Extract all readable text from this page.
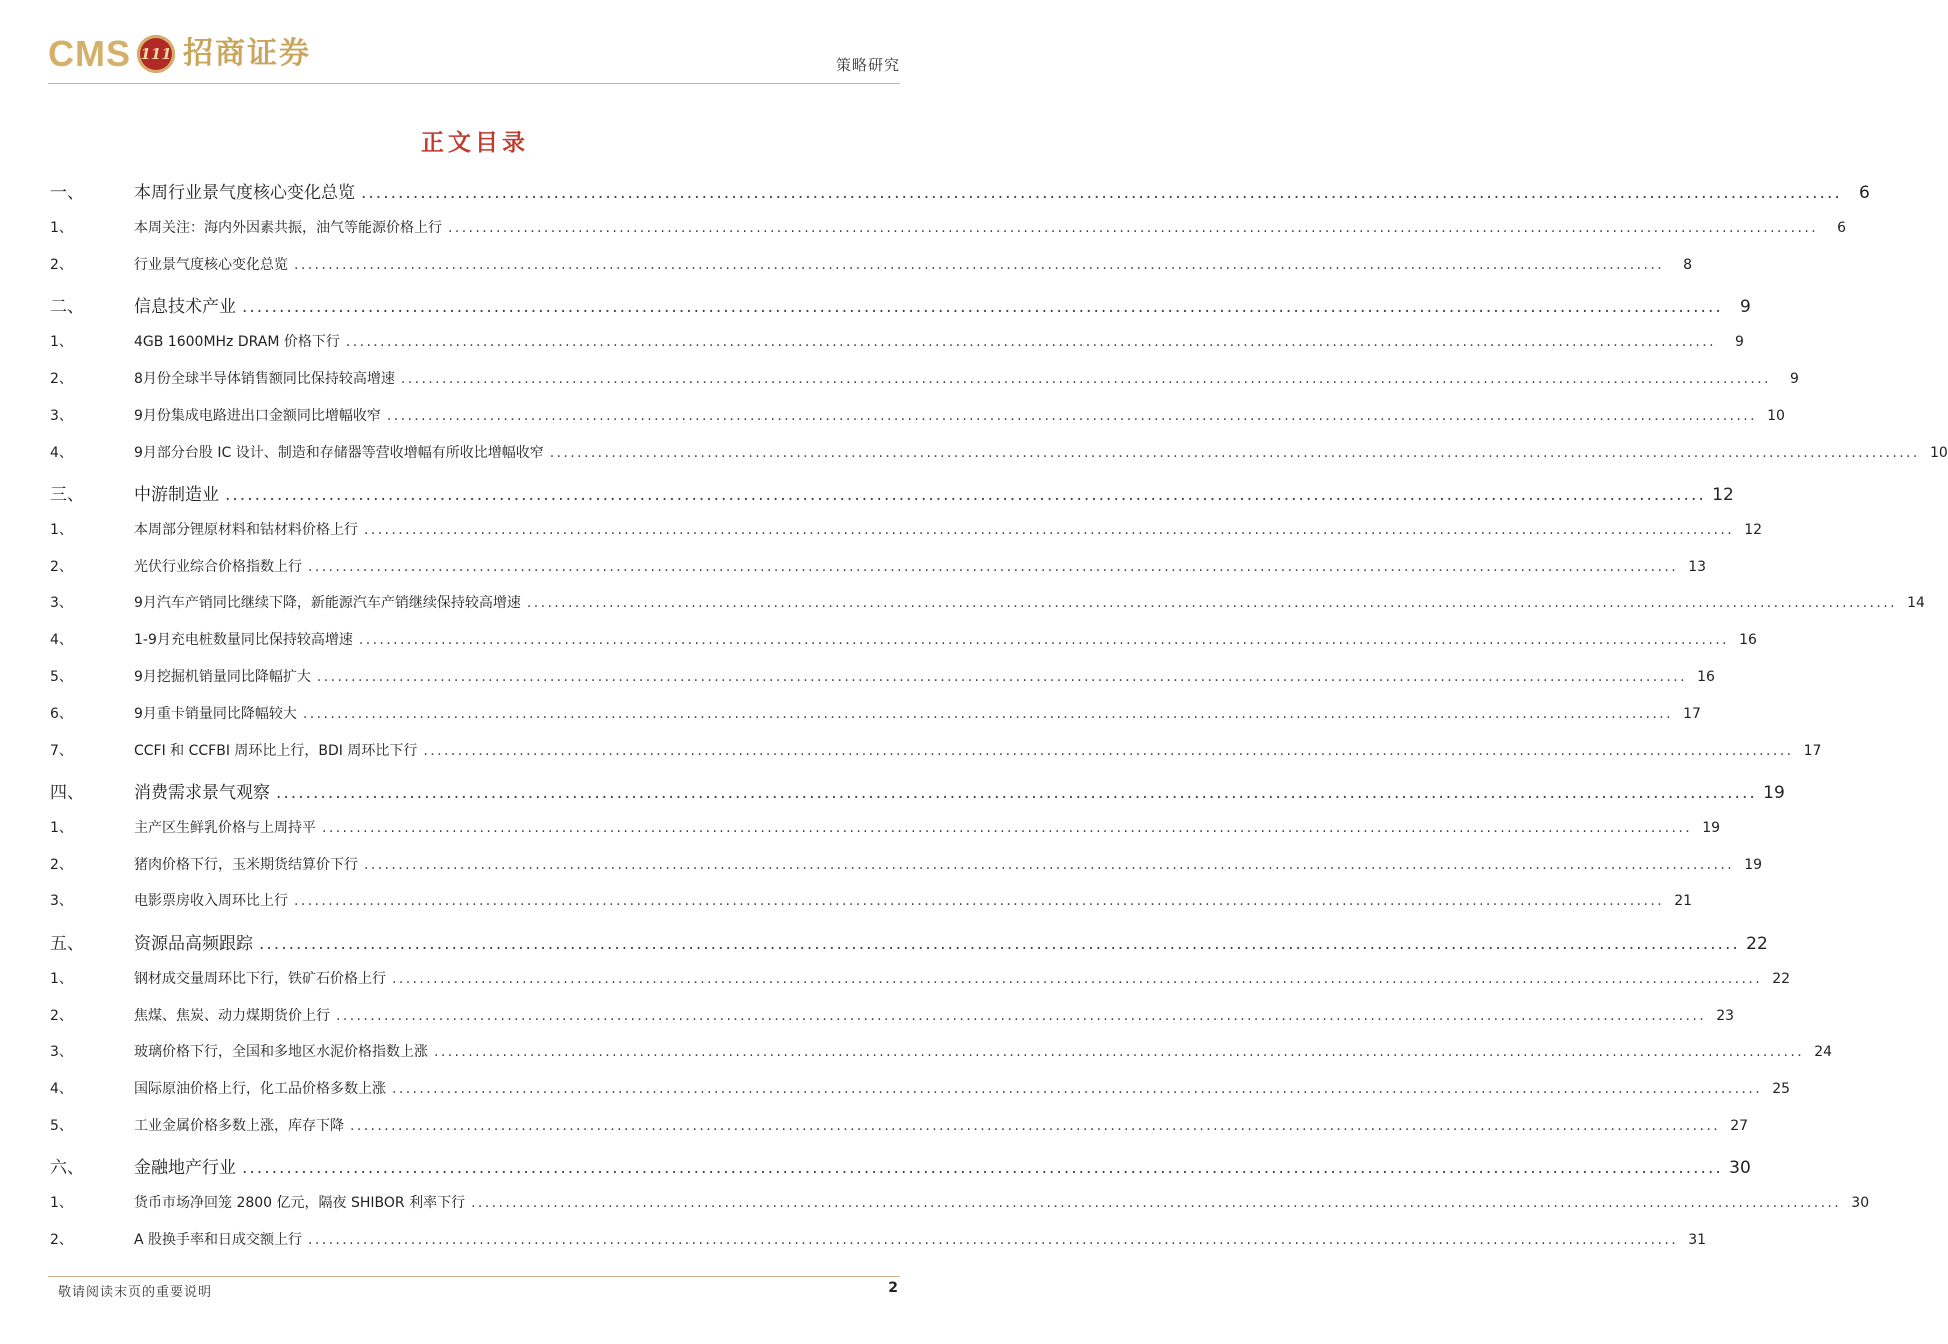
CMS 111 招商证券	策略研究
正文目录
一、	本周行业景气度核心变化总览 ........................................................................................................................................................................................................	6
1、	本周关注：海内外因素共振，油气等能源价格上行 ........................................................................................................................................................................................................	6
2、	行业景气度核心变化总览 ........................................................................................................................................................................................................	8
二、	信息技术产业 ........................................................................................................................................................................................................	9
1、	4GB 1600MHz DRAM 价格下行 ........................................................................................................................................................................................................	9
2、	8月份全球半导体销售额同比保持较高增速 ........................................................................................................................................................................................................	9
3、	9月份集成电路进出口金额同比增幅收窄 ........................................................................................................................................................................................................ 10
4、	9月部分台股 IC 设计、制造和存储器等营收增幅有所收比增幅收窄 ........................................................................................................................................................................................................ 10
三、	中游制造业 ........................................................................................................................................................................................................ 12
1、	本周部分锂原材料和钴材料价格上行 ........................................................................................................................................................................................................ 12
2、	光伏行业综合价格指数上行 ........................................................................................................................................................................................................ 13
3、	9月汽车产销同比继续下降，新能源汽车产销继续保持较高增速 ........................................................................................................................................................................................................ 14
4、	1-9月充电桩数量同比保持较高增速 ........................................................................................................................................................................................................ 16
5、	9月挖掘机销量同比降幅扩大 ........................................................................................................................................................................................................ 16
6、	9月重卡销量同比降幅较大 ........................................................................................................................................................................................................ 17
7、	CCFI 和 CCFBI 周环比上行，BDI 周环比下行 ........................................................................................................................................................................................................ 17
四、	消费需求景气观察 ........................................................................................................................................................................................................ 19
1、	主产区生鲜乳价格与上周持平 ........................................................................................................................................................................................................ 19
2、	猪肉价格下行，玉米期货结算价下行 ........................................................................................................................................................................................................ 19
3、	电影票房收入周环比上行 ........................................................................................................................................................................................................ 21
五、	资源品高频跟踪 ........................................................................................................................................................................................................ 22
1、	钢材成交量周环比下行，铁矿石价格上行 ........................................................................................................................................................................................................ 22
2、	焦煤、焦炭、动力煤期货价上行 ........................................................................................................................................................................................................ 23
3、	玻璃价格下行，全国和多地区水泥价格指数上涨 ........................................................................................................................................................................................................ 24
4、	国际原油价格上行，化工品价格多数上涨 ........................................................................................................................................................................................................ 25
5、	工业金属价格多数上涨，库存下降 ........................................................................................................................................................................................................ 27
六、	金融地产行业 ........................................................................................................................................................................................................ 30
1、	货币市场净回笼 2800 亿元，隔夜 SHIBOR 利率下行 ........................................................................................................................................................................................................ 30
2、	A 股换手率和日成交额上行 ........................................................................................................................................................................................................ 31
敬请阅读末页的重要说明	2
